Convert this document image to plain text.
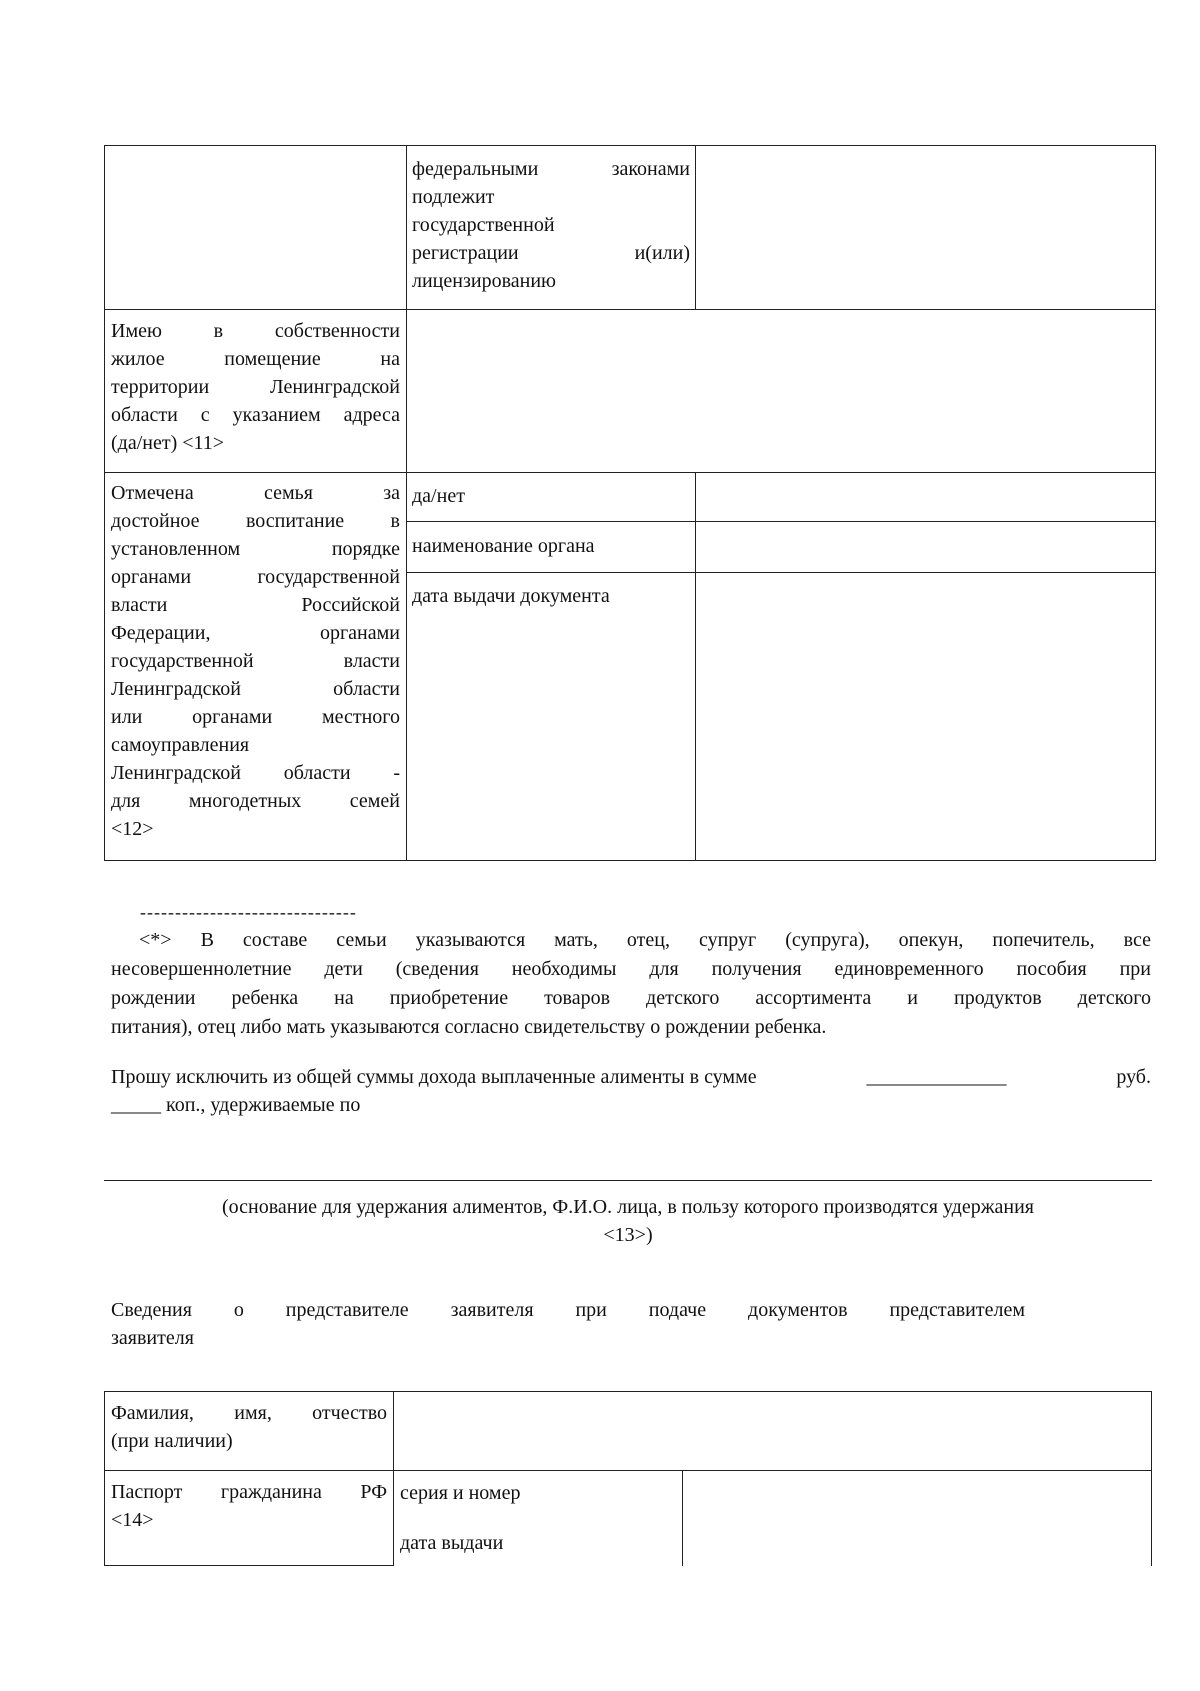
федеральными законами
подлежит
государственной
регистрации и(или)
лицензированию
Имею в собственности
жилое помещение на
территории Ленинградской
области с указанием адреса
(да/нет) <11>
Отмечена семья за
достойное воспитание в
установленном порядке
органами государственной
власти Российской
Федерации, органами
государственной власти
Ленинградской области
или органами местного
самоуправления
Ленинградской области -
для многодетных семей
<12>
да/нет
наименование органа
дата выдачи документа
-------------------------------
<*> В составе семьи указываются мать, отец, супруг (супруга), опекун, попечитель, все
несовершеннолетние дети (сведения необходимы для получения единовременного пособия при
рождении ребенка на приобретение товаров детского ассортимента и продуктов детского
питания), отец либо мать указываются согласно свидетельству о рождении ребенка.
Прошу исключить из общей суммы дохода выплаченные алименты в сумме	______________	руб.
_____ коп., удерживаемые по
(основание для удержания алиментов, Ф.И.О. лица, в пользу которого производятся удержания
<13>)
Сведения о представителе заявителя при подаче документов представителем
заявителя
Фамилия, имя, отчество
(при наличии)
Паспорт гражданина РФ
<14>
серия и номер
дата выдачи
